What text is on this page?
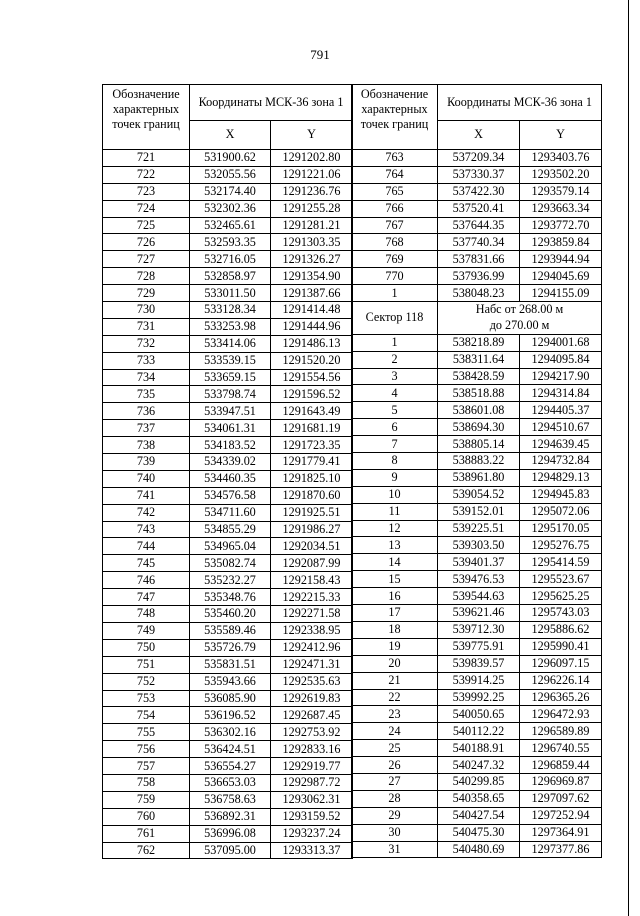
791
Обозначение характерных точек границ	Координаты МСК-36 зона 1	
	X	Y
721	531900.62	1291202.80
722	532055.56	1291221.06
723	532174.40	1291236.76
724	532302.36	1291255.28
725	532465.61	1291281.21
726	532593.35	1291303.35
727	532716.05	1291326.27
728	532858.97	1291354.90
729	533011.50	1291387.66
730	533128.34	1291414.48
731	533253.98	1291444.96
732	533414.06	1291486.13
733	533539.15	1291520.20
734	533659.15	1291554.56
735	533798.74	1291596.52
736	533947.51	1291643.49
737	534061.31	1291681.19
738	534183.52	1291723.35
739	534339.02	1291779.41
740	534460.35	1291825.10
741	534576.58	1291870.60
742	534711.60	1291925.51
743	534855.29	1291986.27
744	534965.04	1292034.51
745	535082.74	1292087.99
746	535232.27	1292158.43
747	535348.76	1292215.33
748	535460.20	1292271.58
749	535589.46	1292338.95
750	535726.79	1292412.96
751	535831.51	1292471.31
752	535943.66	1292535.63
753	536085.90	1292619.83
754	536196.52	1292687.45
755	536302.16	1292753.92
756	536424.51	1292833.16
757	536554.27	1292919.77
758	536653.03	1292987.72
759	536758.63	1293062.31
760	536892.31	1293159.52
761	536996.08	1293237.24
762	537095.00	1293313.37
Обозначение характерных точек границ	Координаты МСК-36 зона 1	
	X	Y
763	537209.34	1293403.76
764	537330.37	1293502.20
765	537422.30	1293579.14
766	537520.41	1293663.34
767	537644.35	1293772.70
768	537740.34	1293859.84
769	537831.66	1293944.94
770	537936.99	1294045.69
1	538048.23	1294155.09
Сектор 118	Набс от 268.00 м	
	до 270.00 м	
1	538218.89	1294001.68
2	538311.64	1294095.84
3	538428.59	1294217.90
4	538518.88	1294314.84
5	538601.08	1294405.37
6	538694.30	1294510.67
7	538805.14	1294639.45
8	538883.22	1294732.84
9	538961.80	1294829.13
10	539054.52	1294945.83
11	539152.01	1295072.06
12	539225.51	1295170.05
13	539303.50	1295276.75
14	539401.37	1295414.59
15	539476.53	1295523.67
16	539544.63	1295625.25
17	539621.46	1295743.03
18	539712.30	1295886.62
19	539775.91	1295990.41
20	539839.57	1296097.15
21	539914.25	1296226.14
22	539992.25	1296365.26
23	540050.65	1296472.93
24	540112.22	1296589.89
25	540188.91	1296740.55
26	540247.32	1296859.44
27	540299.85	1296969.87
28	540358.65	1297097.62
29	540427.54	1297252.94
30	540475.30	1297364.91
31	540480.69	1297377.86
